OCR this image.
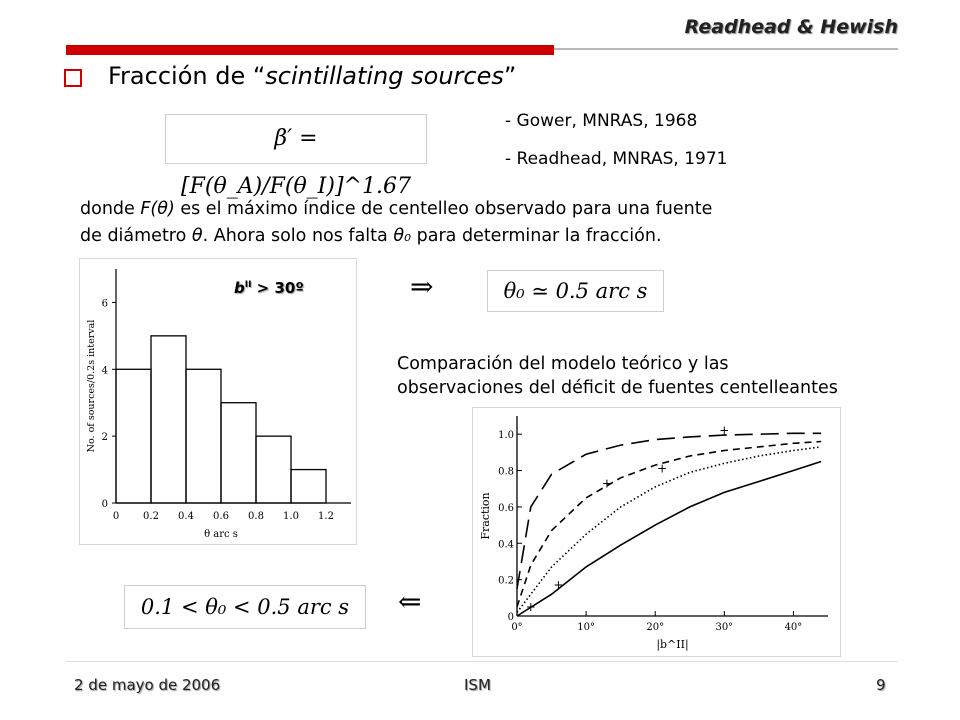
Readhead & Hewish
Fracción de “scintillating sources”
β′ = [F(θ_A)/F(θ_I)]^1.67
- Gower, MNRAS, 1968
- Readhead, MNRAS, 1971
donde F(θ) es el máximo índice de centelleo observado para una fuente
de diámetro θ. Ahora solo nos falta θ₀ para determinar la fracción.
0 0.2 0.4 0.6 0.8 1.0 1.2
0
2
4
6
θ arc s
No. of sources/0.2s interval
$b^{II}$ > 30º	⇒	θ₀ ≃ 0.5 arc s
Comparación del modelo teórico y las
observaciones del déficit de fuentes centelleantes
+
+
+
+
+
0
0.2
0.4
0.6
0.8
1.0
0°	10°	20°	30°	40°
|b^II|
Fraction
0.1 < θ₀ < 0.5 arc s	⇐
2 de mayo de 2006	ISM	9
